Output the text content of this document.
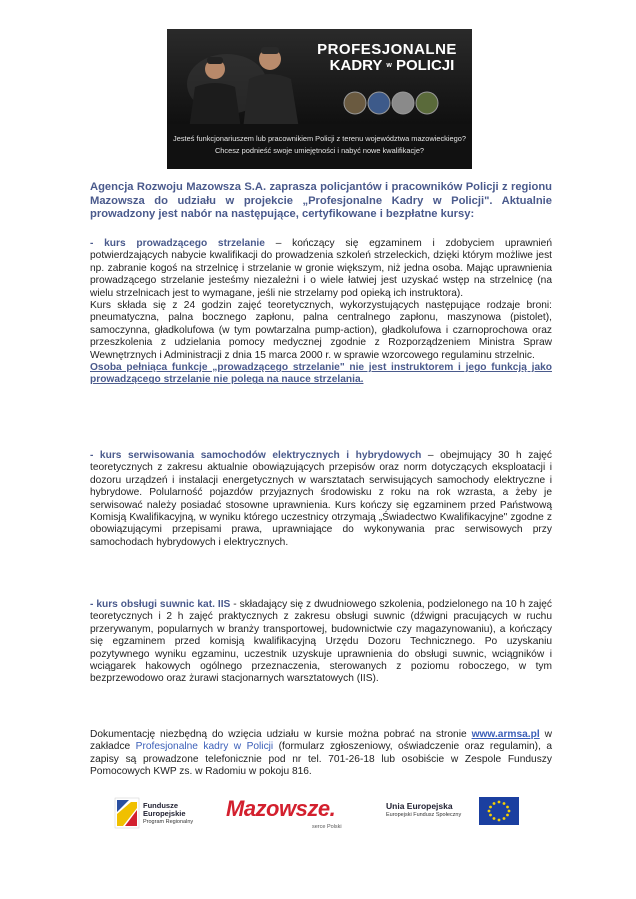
PROFESJONALNE
KADRY w POLICJI
Jesteś funkcjonariuszem lub pracownikiem Policji z terenu województwa mazowieckiego?
Chcesz podnieść swoje umiejętności i nabyć nowe kwalifikacje?
Agencja Rozwoju Mazowsza S.A. zaprasza policjantów i pracowników Policji z regionu Mazowsza do udziału w projekcie „Profesjonalne Kadry w Policji". Aktualnie prowadzony jest nabór na następujące, certyfikowane i bezpłatne kursy:
- kurs prowadzącego strzelanie – kończący się egzaminem i zdobyciem uprawnień potwierdzających nabycie kwalifikacji do prowadzenia szkoleń strzeleckich, dzięki którym możliwe jest np. zabranie kogoś na strzelnicę i strzelanie w gronie większym, niż jedna osoba. Mając uprawnienia prowadzącego strzelanie jesteśmy niezależni i o wiele łatwiej jest uzyskać wstęp na strzelnicę (na wielu strzelnicach jest to wymagane, jeśli nie strzelamy pod opieką ich instruktora).
Kurs składa się z 24 godzin zajęć teoretycznych, wykorzystujących następujące rodzaje broni: pneumatyczna, palna bocznego zapłonu, palna centralnego zapłonu, maszynowa (pistolet), samoczynna, gładkolufowa (w tym powtarzalna pump-action), gładkolufowa i czarnoprochowa oraz przeszkolenia z udzielania pomocy medycznej zgodnie z Rozporządzeniem Ministra Spraw Wewnętrznych i Administracji z dnia 15 marca 2000 r. w sprawie wzorcowego regulaminu strzelnic.
Osoba pełniąca funkcje „prowadzącego strzelanie" nie jest instruktorem i jego funkcją jako prowadzącego strzelanie nie polega na nauce strzelania.
- kurs serwisowania samochodów elektrycznych i hybrydowych – obejmujący 30 h zajęć teoretycznych z zakresu aktualnie obowiązujących przepisów oraz norm dotyczących eksploatacji i dozoru urządzeń i instalacji energetycznych w warsztatach serwisujących samochody elektryczne i hybrydowe. Polularność pojazdów przyjaznych środowisku z roku na rok wzrasta, a żeby je serwisować należy posiadać stosowne uprawnienia. Kurs kończy się egzaminem przed Państwową Komisją Kwalifikacyjną, w wyniku którego uczestnicy otrzymają „Świadectwo Kwalifikacyjne" zgodne z obowiązującymi przepisami prawa, uprawniające do wykonywania prac serwisowych przy samochodach hybrydowych i elektrycznych.
- kurs obsługi suwnic kat. IIS - składający się z dwudniowego szkolenia, podzielonego na 10 h zajęć teoretycznych i 2 h zajęć praktycznych z zakresu obsługi suwnic (dźwigni pracujących w ruchu przerywanym, popularnych w branży transportowej, budownictwie czy magazynowaniu), a kończący się egzaminem przed komisją kwalifikacyjną Urzędu Dozoru Technicznego. Po uzyskaniu pozytywnego wyniku egzaminu, uczestnik uzyskuje uprawnienia do obsługi suwnic, wciągników i wciągarek hakowych ogólnego przeznaczenia, sterowanych z poziomu roboczego, w tym bezprzewodowo oraz żurawi stacjonarnych warsztatowych (IIS).
Dokumentację niezbędną do wzięcia udziału w kursie można pobrać na stronie www.armsa.pl w zakładce Profesjonalne kadry w Policji (formularz zgłoszeniowy, oświadczenie oraz regulamin), a zapisy są prowadzone telefonicznie pod nr tel. 701-26-18 lub osobiście w Zespole Funduszy Pomocowych KWP zs. w Radomiu w pokoju 816.
Fundusze
Europejskie
Program Regionalny
Mazowsze.
serce Polski
Unia Europejska
Europejski Fundusz Społeczny
